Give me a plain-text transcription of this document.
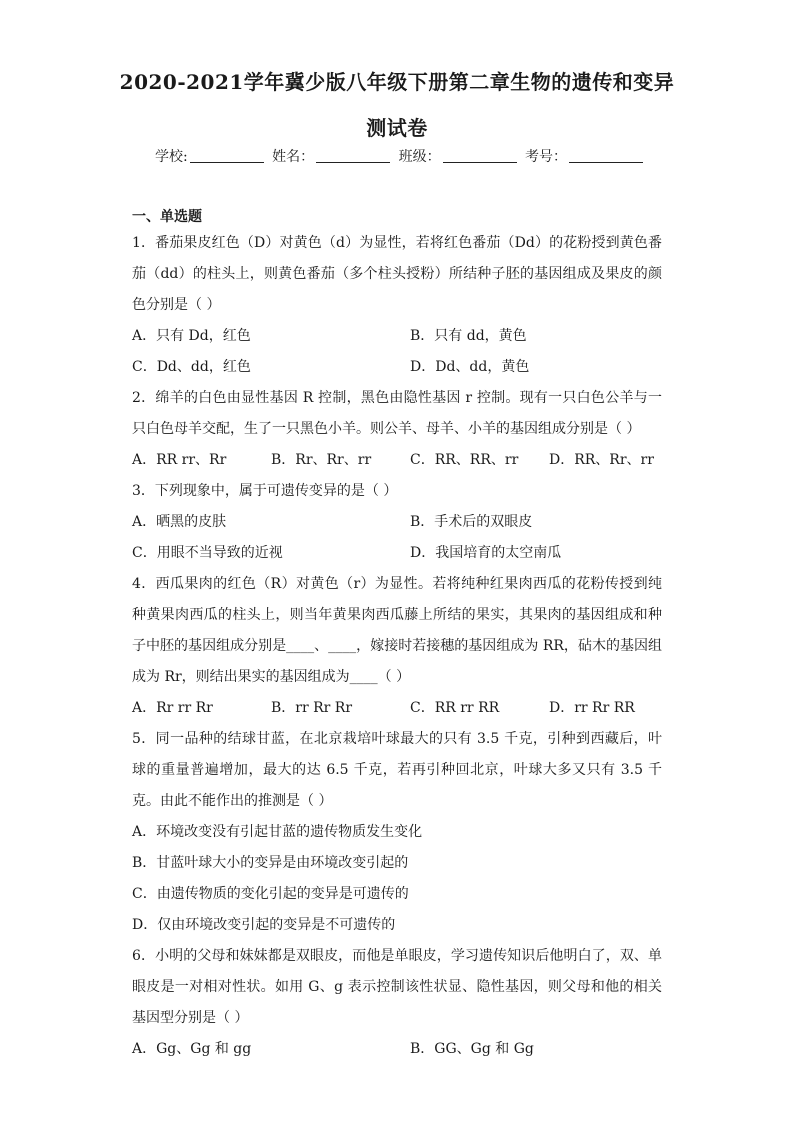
2020-2021学年冀少版八年级下册第二章生物的遗传和变异
测试卷
学校:	姓名：	班级：	考号：
一、单选题

1．番茄果皮红色（D）对黄色（d）为显性，若将红色番茄（Dd）的花粉授到黄色番茄（dd）的柱头上，则黄色番茄（多个柱头授粉）所结种子胚的基因组成及果皮的颜色分别是（ ）

A．只有 Dd，红色	B．只有 dd，黄色
C．Dd、dd，红色	D．Dd、dd，黄色

2．绵羊的白色由显性基因 R 控制，黑色由隐性基因 r 控制。现有一只白色公羊与一只白色母羊交配，生了一只黑色小羊。则公羊、母羊、小羊的基因组成分别是（ ）

A．RR rr、Rr	B．Rr、Rr、rr	C．RR、RR、rr	D．RR、Rr、rr

3．下列现象中，属于可遗传变异的是（ ）

A．晒黑的皮肤	B．手术后的双眼皮
C．用眼不当导致的近视	D．我国培育的太空南瓜

4．西瓜果肉的红色（R）对黄色（r）为显性。若将纯种红果肉西瓜的花粉传授到纯种黄果肉西瓜的柱头上，则当年黄果肉西瓜藤上所结的果实，其果肉的基因组成和种子中胚的基因组成分别是____、____，嫁接时若接穗的基因组成为 RR，砧木的基因组成为 Rr，则结出果实的基因组成为____（ ）

A．Rr rr Rr	B．rr Rr Rr	C．RR rr RR	D．rr Rr RR

5．同一品种的结球甘蓝，在北京栽培叶球最大的只有 3.5 千克，引种到西藏后，叶球的重量普遍增加，最大的达 6.5 千克，若再引种回北京，叶球大多又只有 3.5 千克。由此不能作出的推测是（ ）

A．环境改变没有引起甘蓝的遗传物质发生变化
B．甘蓝叶球大小的变异是由环境改变引起的
C．由遗传物质的变化引起的变异是可遗传的
D．仅由环境改变引起的变异是不可遗传的

6．小明的父母和妹妹都是双眼皮，而他是单眼皮，学习遗传知识后他明白了，双、单眼皮是一对相对性状。如用 G、g 表示控制该性状显、隐性基因，则父母和他的相关基因型分别是（ ）

A．Gg、Gg 和 gg	B．GG、Gg 和 Gg
